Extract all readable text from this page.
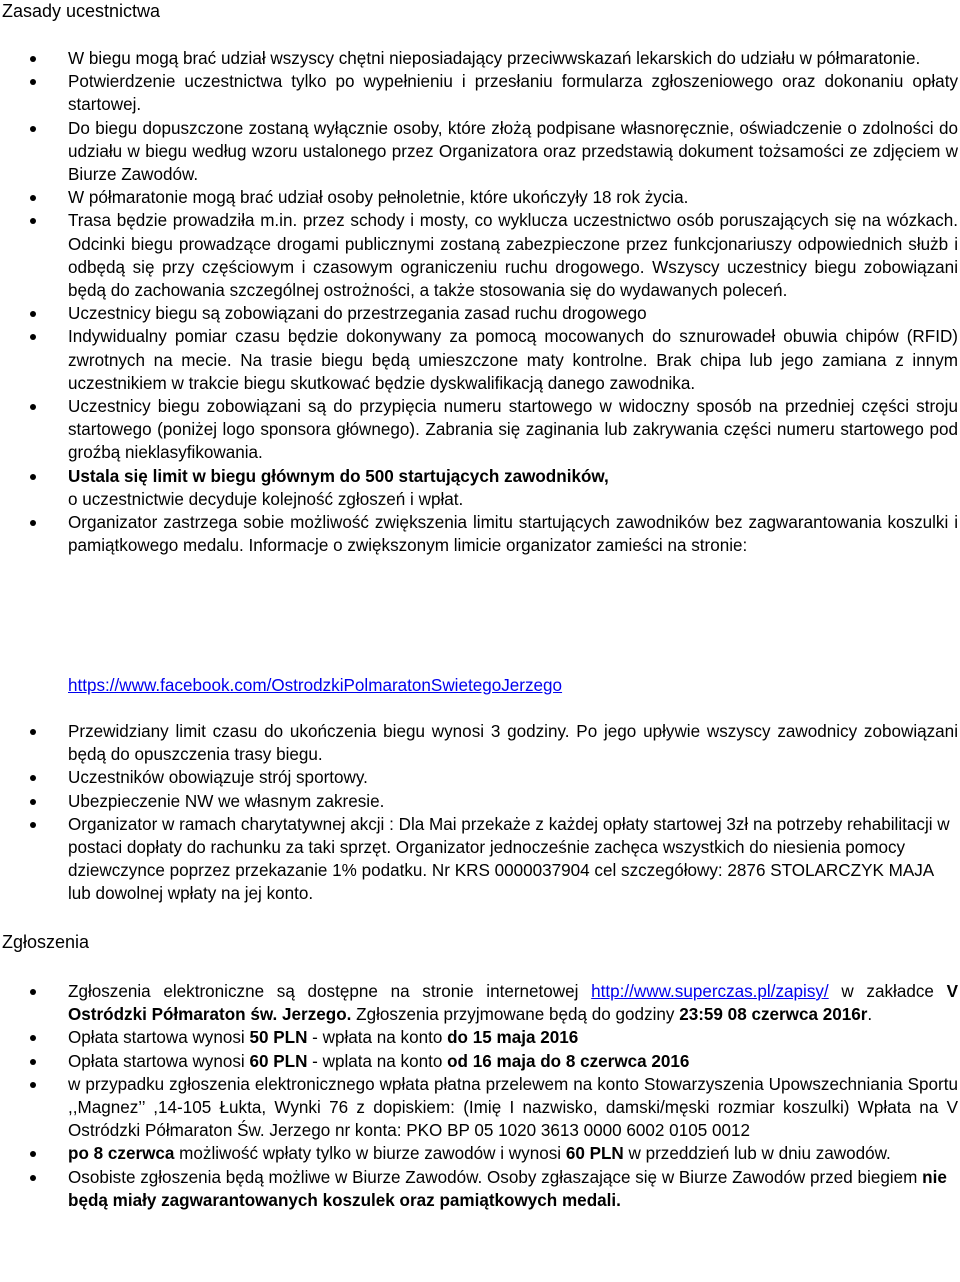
Zasady ucestnictwa
W biegu mogą brać udział wszyscy chętni nieposiadający przeciwwskazań lekarskich do udziału w półmaratonie.
Potwierdzenie uczestnictwa tylko po wypełnieniu i przesłaniu formularza zgłoszeniowego oraz dokonaniu opłaty startowej.
Do biegu dopuszczone zostaną wyłącznie osoby, które złożą podpisane własnoręcznie, oświadczenie o zdolności do udziału w biegu według wzoru ustalonego przez Organizatora oraz przedstawią dokument tożsamości ze zdjęciem w Biurze Zawodów.
W półmaratonie mogą brać udział osoby pełnoletnie, które ukończyły 18 rok życia.
Trasa będzie prowadziła m.in. przez schody i mosty, co wyklucza uczestnictwo osób poruszających się na wózkach. Odcinki biegu prowadzące drogami publicznymi zostaną zabezpieczone przez funkcjonariuszy odpowiednich służb i odbędą się przy częściowym i czasowym ograniczeniu ruchu drogowego. Wszyscy uczestnicy biegu zobowiązani będą do zachowania szczególnej ostrożności, a także stosowania się do wydawanych poleceń.
Uczestnicy biegu są zobowiązani do przestrzegania zasad ruchu drogowego
Indywidualny pomiar czasu będzie dokonywany za pomocą mocowanych do sznurowadeł obuwia chipów (RFID) zwrotnych na mecie. Na trasie biegu będą umieszczone maty kontrolne. Brak chipa lub jego zamiana z innym uczestnikiem w trakcie biegu skutkować będzie dyskwalifikacją danego zawodnika.
Uczestnicy biegu zobowiązani są do przypięcia numeru startowego w widoczny sposób na przedniej części stroju startowego (poniżej logo sponsora głównego). Zabrania się zaginania lub zakrywania części numeru startowego pod groźbą nieklasyfikowania.
Ustala się limit w biegu głównym do 500 startujących zawodników,
o uczestnictwie decyduje kolejność zgłoszeń i wpłat.
Organizator zastrzega sobie możliwość zwiększenia limitu startujących zawodników bez zagwarantowania koszulki i pamiątkowego medalu. Informacje o zwiększonym limicie organizator zamieści na stronie:
https://www.facebook.com/OstrodzkiPolmaratonSwietegoJerzego
Przewidziany limit czasu do ukończenia biegu wynosi 3 godziny. Po jego upływie wszyscy zawodnicy zobowiązani będą do opuszczenia trasy biegu.
Uczestników obowiązuje strój sportowy.
Ubezpieczenie NW we własnym zakresie.
Organizator w ramach charytatywnej akcji : Dla Mai przekaże z każdej opłaty startowej 3zł na potrzeby rehabilitacji w postaci dopłaty do rachunku za taki sprzęt. Organizator jednocześnie zachęca wszystkich do niesienia pomocy dziewczynce poprzez przekazanie 1% podatku. Nr KRS 0000037904 cel szczegółowy: 2876 STOLARCZYK MAJA lub dowolnej wpłaty na jej konto.
Zgłoszenia
Zgłoszenia elektroniczne są dostępne na stronie internetowej http://www.superczas.pl/zapisy/ w zakładce V Ostródzki Półmaraton św. Jerzego. Zgłoszenia przyjmowane będą do godziny 23:59 08 czerwca 2016r.
Opłata startowa wynosi 50 PLN - wpłata na konto do 15 maja 2016
Opłata startowa wynosi 60 PLN - wplata na konto od 16 maja do 8 czerwca 2016
w przypadku zgłoszenia elektronicznego wpłata płatna przelewem na konto Stowarzyszenia Upowszechniania Sportu ,,Magnez’’ ,14-105 Łukta, Wynki 76 z dopiskiem: (Imię I nazwisko, damski/męski rozmiar koszulki) Wpłata na V Ostródzki Półmaraton Św. Jerzego nr konta: PKO BP 05 1020 3613 0000 6002 0105 0012
po 8 czerwca możliwość wpłaty tylko w biurze zawodów i wynosi 60 PLN w przeddzień lub w dniu zawodów.
Osobiste zgłoszenia będą możliwe w Biurze Zawodów. Osoby zgłaszające się w Biurze Zawodów przed biegiem nie będą miały zagwarantowanych koszulek oraz pamiątkowych medali.
